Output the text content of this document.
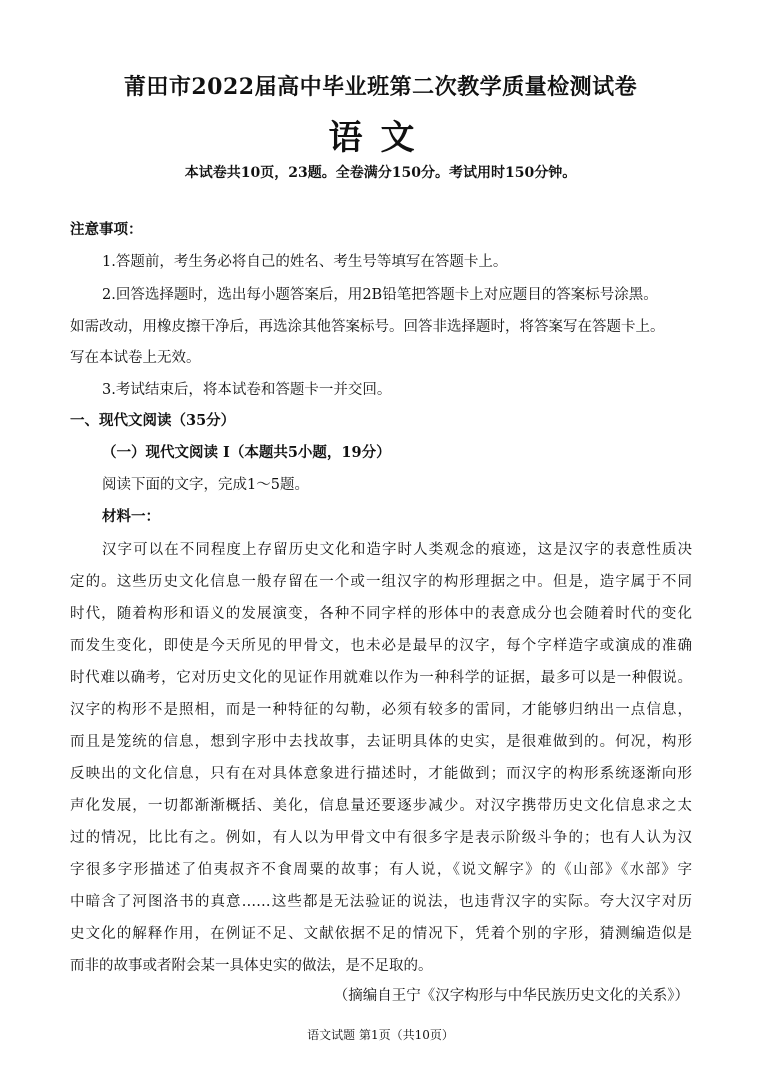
莆田市2022届高中毕业班第二次教学质量检测试卷
语文
本试卷共10页，23题。全卷满分150分。考试用时150分钟。
注意事项：
1.答题前，考生务必将自己的姓名、考生号等填写在答题卡上。
2.回答选择题时，选出每小题答案后，用2B铅笔把答题卡上对应题目的答案标号涂黑。
如需改动，用橡皮擦干净后，再选涂其他答案标号。回答非选择题时，将答案写在答题卡上。
写在本试卷上无效。
3.考试结束后，将本试卷和答题卡一并交回。
一、现代文阅读（35分）
（一）现代文阅读 I（本题共5小题，19分）
阅读下面的文字，完成1～5题。
材料一：
汉字可以在不同程度上存留历史文化和造字时人类观念的痕迹，这是汉字的表意性质决
定的。这些历史文化信息一般存留在一个或一组汉字的构形理据之中。但是，造字属于不同
时代，随着构形和语义的发展演变，各种不同字样的形体中的表意成分也会随着时代的变化
而发生变化，即使是今天所见的甲骨文，也未必是最早的汉字，每个字样造字或演成的准确
时代难以确考，它对历史文化的见证作用就难以作为一种科学的证据，最多可以是一种假说。
汉字的构形不是照相，而是一种特征的勾勒，必须有较多的雷同，才能够归纳出一点信息，
而且是笼统的信息，想到字形中去找故事，去证明具体的史实，是很难做到的。何况，构形
反映出的文化信息，只有在对具体意象进行描述时，才能做到；而汉字的构形系统逐渐向形
声化发展，一切都渐渐概括、美化，信息量还要逐步减少。对汉字携带历史文化信息求之太
过的情况，比比有之。例如，有人以为甲骨文中有很多字是表示阶级斗争的；也有人认为汉
字很多字形描述了伯夷叔齐不食周粟的故事；有人说，《说文解字》的《山部》《水部》字
中暗含了河图洛书的真意……这些都是无法验证的说法，也违背汉字的实际。夸大汉字对历
史文化的解释作用，在例证不足、文献依据不足的情况下，凭着个别的字形，猜测编造似是
而非的故事或者附会某一具体史实的做法，是不足取的。
（摘编自王宁《汉字构形与中华民族历史文化的关系》）
语文试题 第1页（共10页）
